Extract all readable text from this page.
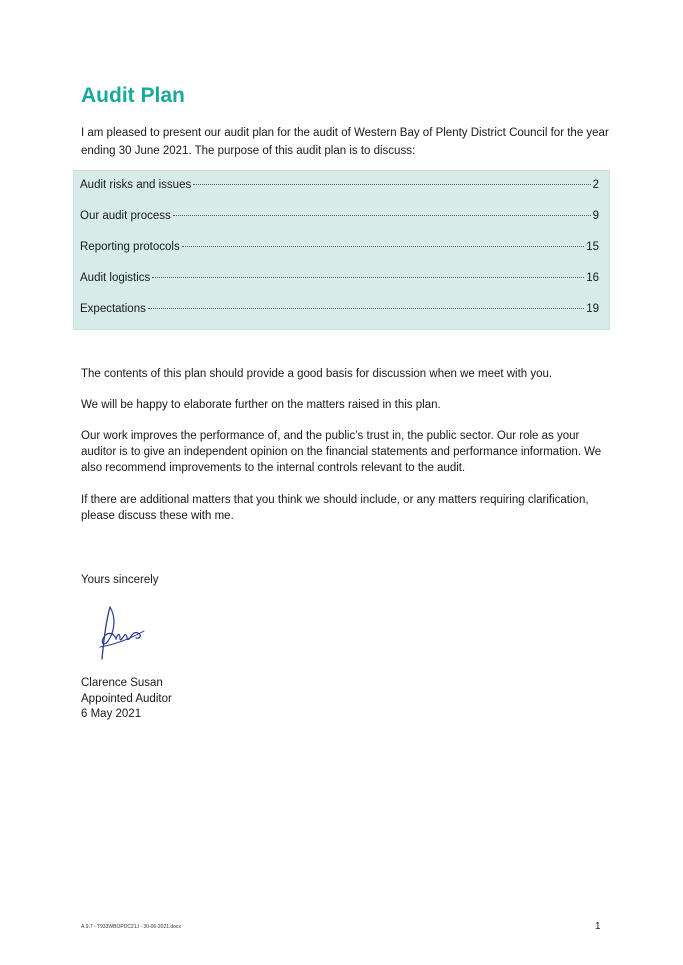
Audit Plan

I am pleased to present our audit plan for the audit of Western Bay of Plenty District Council for the year ending 30 June 2021. The purpose of this audit plan is to discuss:

Audit risks and issues	2
Our audit process	9
Reporting protocols	15
Audit logistics	16
Expectations	19

The contents of this plan should provide a good basis for discussion when we meet with you.

We will be happy to elaborate further on the matters raised in this plan.

Our work improves the performance of, and the public’s trust in, the public sector. Our role as your auditor is to give an independent opinion on the financial statements and performance information. We also recommend improvements to the internal controls relevant to the audit.

If there are additional matters that you think we should include, or any matters requiring clarification, please discuss these with me.

Yours sincerely

Clarence Susan
Appointed Auditor
6 May 2021
A.9.7 - T933WBOPDC21J - 30-06-2021.docx	1
